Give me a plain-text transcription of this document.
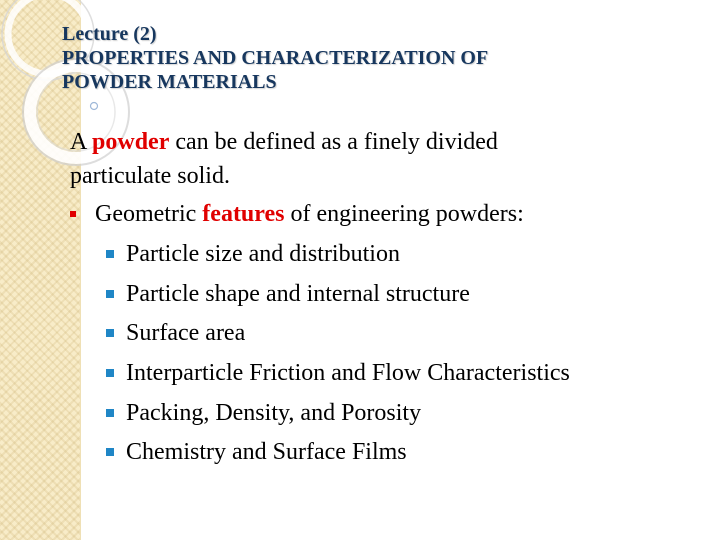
Lecture (2)
PROPERTIES AND CHARACTERIZATION OF
POWDER MATERIALS
A powder can be defined as a finely divided
particulate solid.
Geometric features of engineering powders:
Particle size and distribution
Particle shape and internal structure
Surface area
Interparticle Friction and Flow Characteristics
Packing, Density, and Porosity
Chemistry and Surface Films
